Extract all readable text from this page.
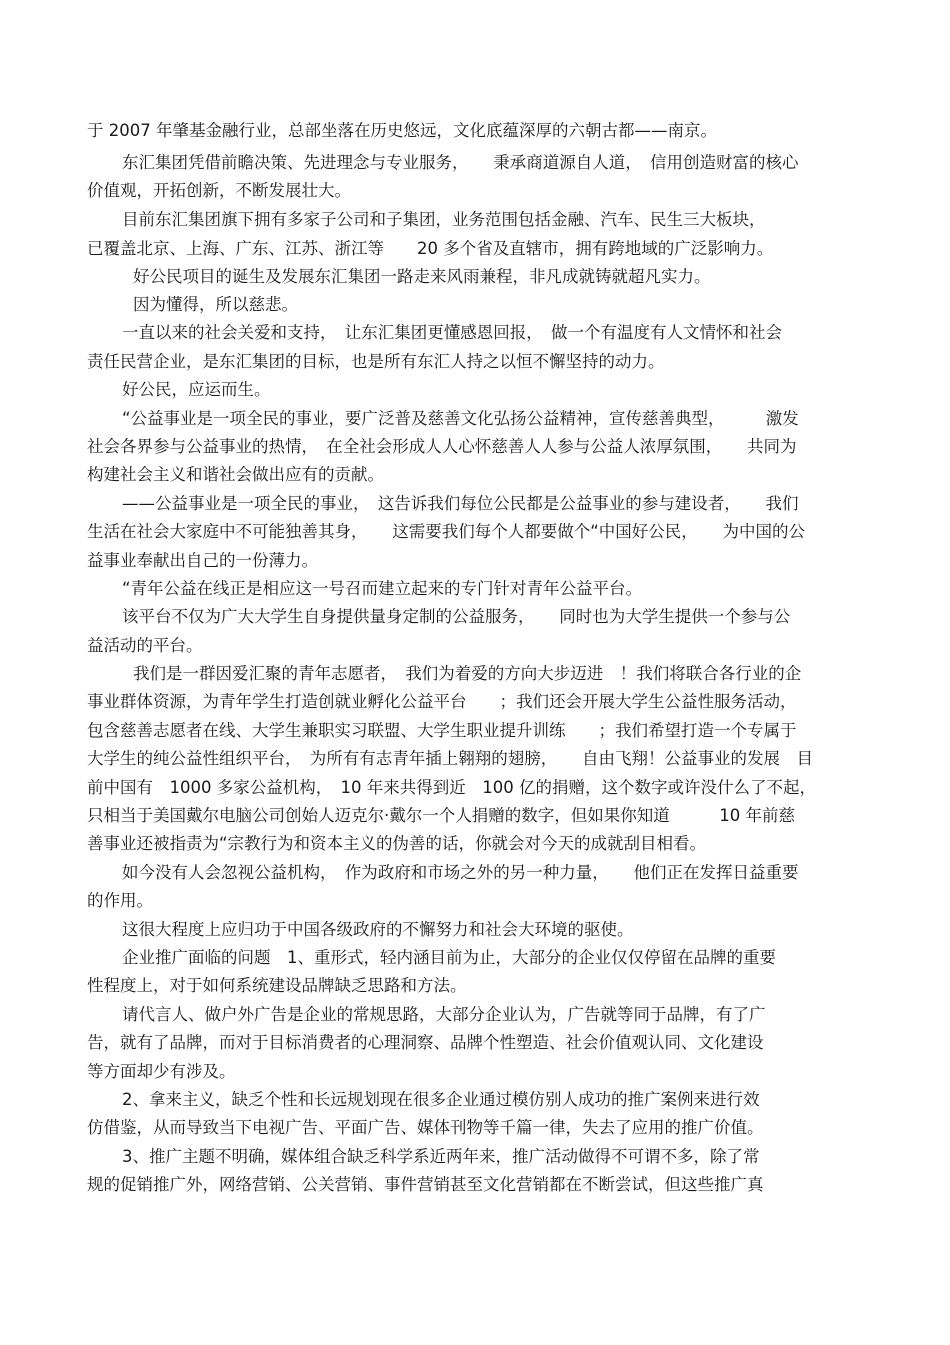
于 2007 年肇基金融行业，总部坐落在历史悠远，文化底蕴深厚的六朝古都——南京。
东汇集团凭借前瞻决策、先进理念与专业服务，　　秉承商道源自人道，　信用创造财富的核心
价值观，开拓创新，不断发展壮大。
目前东汇集团旗下拥有多家子公司和子集团，业务范围包括金融、汽车、民生三大板块，
已覆盖北京、上海、广东、江苏、浙江等　　20 多个省及直辖市，拥有跨地域的广泛影响力。
好公民项目的诞生及发展东汇集团一路走来风雨兼程，非凡成就铸就超凡实力。
因为懂得，所以慈悲。
一直以来的社会关爱和支持，　让东汇集团更懂感恩回报，　做一个有温度有人文情怀和社会
责任民营企业，是东汇集团的目标，也是所有东汇人持之以恒不懈坚持的动力。
好公民，应运而生。
“公益事业是一项全民的事业，要广泛普及慈善文化弘扬公益精神，宣传慈善典型，　　　激发
社会各界参与公益事业的热情，　在全社会形成人人心怀慈善人人参与公益人浓厚氛围，　　共同为
构建社会主义和谐社会做出应有的贡献。
——公益事业是一项全民的事业，　这告诉我们每位公民都是公益事业的参与建设者，　　我们
生活在社会大家庭中不可能独善其身，　　这需要我们每个人都要做个“中国好公民，　　为中国的公
益事业奉献出自己的一份薄力。
“青年公益在线正是相应这一号召而建立起来的专门针对青年公益平台。
该平台不仅为广大大学生自身提供量身定制的公益服务，　　同时也为大学生提供一个参与公
益活动的平台。
我们是一群因爱汇聚的青年志愿者，　我们为着爱的方向大步迈进　！我们将联合各行业的企
事业群体资源，为青年学生打造创就业孵化公益平台　　；我们还会开展大学生公益性服务活动，
包含慈善志愿者在线、大学生兼职实习联盟、大学生职业提升训练　　；我们希望打造一个专属于
大学生的纯公益性组织平台，　为所有有志青年插上翱翔的翅膀，　　自由飞翔！公益事业的发展　目
前中国有　1000 多家公益机构，　10 年来共得到近　100 亿的捐赠，这个数字或许没什么了不起，
只相当于美国戴尔电脑公司创始人迈克尔·戴尔一个人捐赠的数字，但如果你知道　　　10 年前慈
善事业还被指责为“宗教行为和资本主义的伪善的话，你就会对今天的成就刮目相看。
如今没有人会忽视公益机构，　作为政府和市场之外的另一种力量，　　他们正在发挥日益重要
的作用。
这很大程度上应归功于中国各级政府的不懈努力和社会大环境的驱使。
企业推广面临的问题　1、重形式，轻内涵目前为止，大部分的企业仅仅停留在品牌的重要
性程度上，对于如何系统建设品牌缺乏思路和方法。
请代言人、做户外广告是企业的常规思路，大部分企业认为，广告就等同于品牌，有了广
告，就有了品牌，而对于目标消费者的心理洞察、品牌个性塑造、社会价值观认同、文化建设
等方面却少有涉及。
2、拿来主义，缺乏个性和长远规划现在很多企业通过模仿别人成功的推广案例来进行效
仿借鉴，从而导致当下电视广告、平面广告、媒体刊物等千篇一律，失去了应用的推广价值。
3、推广主题不明确，媒体组合缺乏科学系近两年来，推广活动做得不可谓不多，除了常
规的促销推广外，网络营销、公关营销、事件营销甚至文化营销都在不断尝试，但这些推广真
